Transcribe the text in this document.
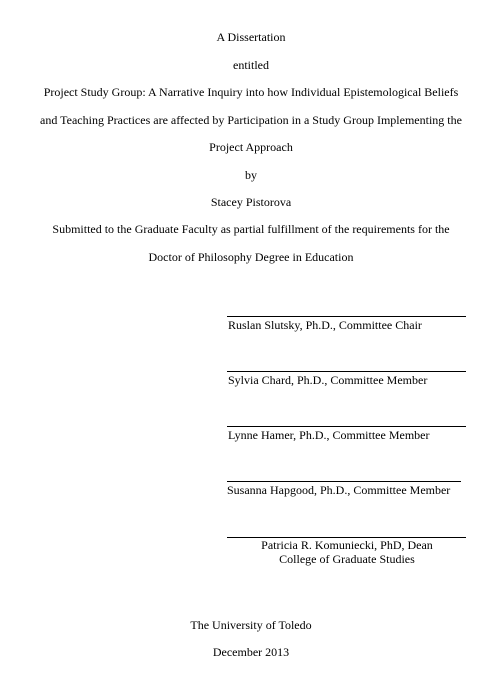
A Dissertation
entitled
Project Study Group: A Narrative Inquiry into how Individual Epistemological Beliefs
and Teaching Practices are affected by Participation in a Study Group Implementing the
Project Approach
by
Stacey Pistorova
Submitted to the Graduate Faculty as partial fulfillment of the requirements for the
Doctor of Philosophy Degree in Education
Ruslan Slutsky, Ph.D., Committee Chair
Sylvia Chard, Ph.D., Committee Member
Lynne Hamer, Ph.D., Committee Member
Susanna Hapgood, Ph.D., Committee Member
Patricia R. Komuniecki, PhD, Dean
College of Graduate Studies
The University of Toledo
December 2013
